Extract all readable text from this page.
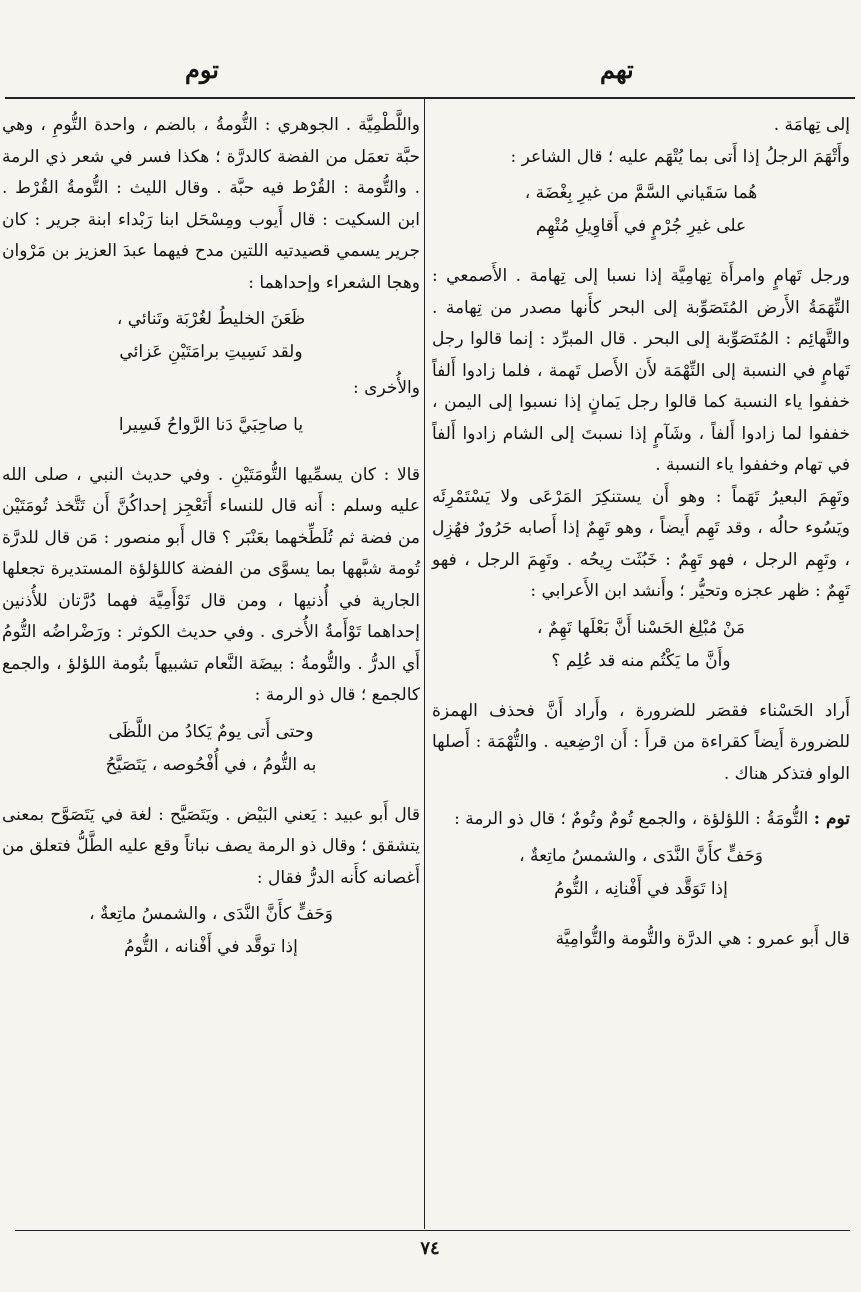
تهم
توم

إلى تِهامَة .

وأَتْهَمَ الرجلُ إذا أَتى بما يُتْهَم عليه ؛ قال الشاعر :

هُما سَقَياني السَّمَّ من غيرِ بِغْضَة ،
على غيرِ جُرْمٍ في أَقاوِيلِ مُتْهِم

ورجل تَهامٍ وامرأَة تِهامِيَّة إذا نسبا إلى تِهامة . الأَصمعي : التِّهَمَةُ الأَرض المُتَصَوِّبة إلى البحر كأَنها مصدر من تِهامة . والتَّهائِم : المُتَصَوِّبة إلى البحر . قال المبرِّد : إنما قالوا رجل تَهامٍ في النسبة إلى التِّهْمَة لأَن الأَصل تَهمة ، فلما زادوا أَلفاً خففوا ياء النسبة كما قالوا رجل يَمانٍ إذا نسبوا إلى اليمن ، خففوا لما زادوا أَلفاً ، وشَآمٍ إذا نسبتَ إلى الشام زادوا أَلفاً في تهام وخففوا ياء النسبة .

وتَهِمَ البعيرُ تَهَماً : وهو أَن يستنكِرَ المَرْعَى ولا يَسْتَمْرِئَه ويَسُوء حالُه ، وقد تَهِم أَيضاً ، وهو تَهِمٌ إذا أَصابه حَرُورٌ فهُزِل ، وتَهِم الرجل ، فهو تَهِمٌ : خَبُثَت رِيحُه . وتَهِمَ الرجل ، فهو تَهِمٌ : ظهر عجزه وتحيُّر ؛ وأَنشد ابن الأَعرابي :

مَنْ مُبْلِغ الحَسْنا أَنَّ بَعْلَها تَهِمٌ ،
وأَنَّ ما يَكْتُم منه قد عُلِم ؟

أَراد الحَسْناء فقصَر للضرورة ، وأَراد أَنَّ فحذف الهمزة للضرورة أَيضاً كقراءة من قرأَ : أَن ارْضِعيه . والتُّهْمَة : أَصلها الواو فتذكر هناك .

توم : التُّومَةُ : اللؤلؤة ، والجمع تُومٌ وتُومٌ ؛ قال ذو الرمة :

وَحَفٍّ كأَنَّ النَّدَى ، والشمسُ ماتِعةٌ ،
إذا تَوَقَّد في أَفْنانِه ، التُّومُ

قال أَبو عمرو : هي الدرَّة والتُّومة والتُّوامِيَّة

واللَّطْمِيَّة . الجوهري : التُّومةُ ، بالضم ، واحدة التُّومِ ، وهي حبَّة تعمَل من الفضة كالدرَّة ؛ هكذا فسر في شعر ذي الرمة . والتُّومة : القُرْط فيه حبَّة . وقال الليث : التُّومةُ القُرْط . ابن السكيت : قال أَيوب ومِسْحَل ابنا رَبْداء ابنة جرير : كان جرير يسمي قصيدتيه اللتين مدح فيهما عبدَ العزيز بن مَرْوان وهجا الشعراء وإحداهما :

ظَعَنَ الخليطُ لغُرْبَة وتَنائي ،
ولقد نَسِيتِ برامَتَيْنِ عَزائي

والأُخرى :

يا صاحِبَيَّ دَنا الرَّواحُ فَسِيرا

قالا : كان يسمِّيها التُّومَتَيْنِ . وفي حديث النبي ، صلى الله عليه وسلم : أَنه قال للنساء أَتَعْجِز إحداكُنَّ أَن تَتَّخذ تُومَتَيْن من فضة ثم تُلَطِّخهما بعَنْبَر ؟ قال أَبو منصور : مَن قال للدرَّة تُومة شبَّهها بما يسوَّى من الفضة كاللؤلؤة المستديرة تجعلها الجارية في أُذنيها ، ومن قال تَوْأَمِيَّة فهما دُرَّتان للأُذنين إحداهما تَوْأَمةُ الأُخرى . وفي حديث الكوثر : ورَضْراضُه التُّومُ أَي الدرُّ . والتُّومةُ : بيضَة النَّعام تشبيهاً بتُومة اللؤلؤ ، والجمع كالجمع ؛ قال ذو الرمة :

وحتى أَتى يومٌ يَكادُ من اللَّظَى
به التُّومُ ، في أُفْحُوصه ، يَتَصَيَّحُ

قال أَبو عبيد : يَعني البَيْض . ويَتَصَيَّح : لغة في يَتَصَوَّح بمعنى يتشقق ؛ وقال ذو الرمة يصف نباتاً وقع عليه الطَّلُّ فتعلق من أَغصانه كأَنه الدرُّ فقال :

وَحَفٍّ كأَنَّ النَّدَى ، والشمسُ ماتِعةٌ ،
إذا توقَّد في أَفْنانه ، التُّومُ
٧٤
